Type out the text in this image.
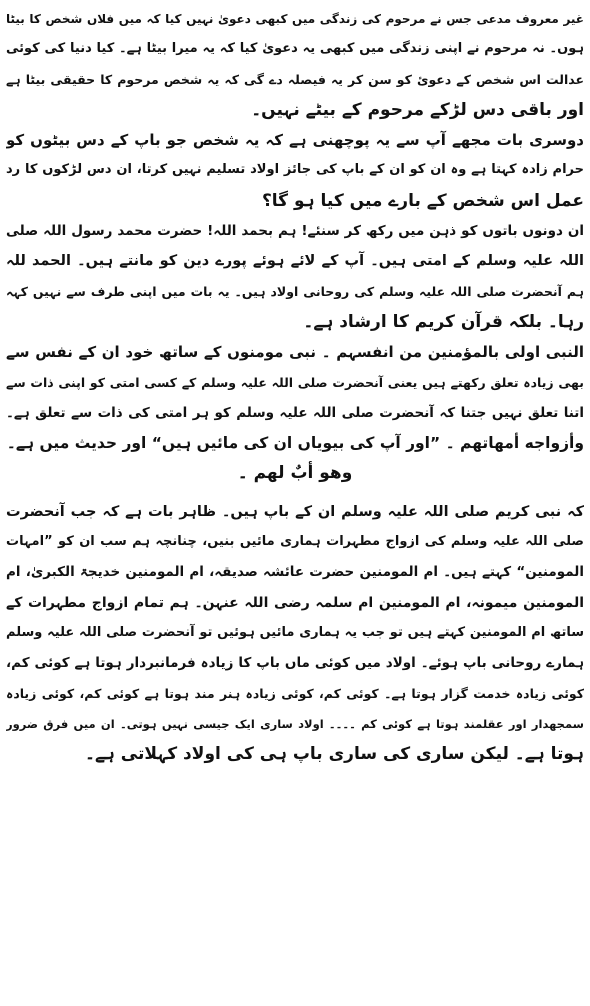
غیر معروف مدعی جس نے مرحوم کی زندگی میں کبھی دعویٰ نہیں کیا کہ میں فلاں شخص کا بیٹا
ہوں۔ نہ مرحوم نے اپنی زندگی میں کبھی یہ دعویٰ کیا کہ یہ میرا بیٹا ہے۔ کیا دنیا کی کوئی
عدالت اس شخص کے دعوئ کو سن کر یہ فیصلہ دے گی کہ یہ شخص مرحوم کا حقیقی بیٹا ہے
اور باقی دس لڑکے مرحوم کے بیٹے نہیں۔
دوسری بات مجھے آپ سے یہ پوچھنی ہے کہ یہ شخص جو باپ کے دس بیٹوں کو
حرام زادہ کہتا ہے وہ ان کو ان کے باپ کی جائز اولاد تسلیم نہیں کرتا، ان دس لڑکوں کا رد
عمل اس شخص کے بارے میں کیا ہو گا؟
ان دونوں باتوں کو ذہن میں رکھ کر سنئے! ہم بحمد اللہ! حضرت محمد رسول اللہ صلی
اللہ علیہ وسلم کے امتی ہیں۔ آپ کے لائے ہوئے پورے دین کو مانتے ہیں۔ الحمد للہ
ہم آنحضرت صلی اللہ علیہ وسلم کی روحانی اولاد ہیں۔ یہ بات میں اپنی طرف سے نہیں کہہ
رہا۔ بلکہ قرآن کریم کا ارشاد ہے۔
النبی اولی بالمؤمنین من انفسہم ۔ نبی مومنوں کے ساتھ خود ان کے نفس سے
بھی زیادہ تعلق رکھتے ہیں یعنی آنحضرت صلی اللہ علیہ وسلم کے کسی امتی کو اپنی ذات سے
اتنا تعلق نہیں جتنا کہ آنحضرت صلی اللہ علیہ وسلم کو ہر امتی کی ذات سے تعلق ہے۔
وأزواجه أمهاتهم ۔ ”اور آپ کی بیویاں ان کی مائیں ہیں“ اور حدیث میں ہے۔
وھو أبٌ لھم ۔
کہ نبی کریم صلی اللہ علیہ وسلم ان کے باپ ہیں۔ ظاہر بات ہے کہ جب آنحضرت
صلی اللہ علیہ وسلم کی ازواج مطہرات ہماری مائیں بنیں، چنانچہ ہم سب ان کو ”امہات
المومنین“ کہتے ہیں۔ ام المومنین حضرت عائشہ صدیقہ، ام المومنین خدیجۃ الکبریٰ، ام
المومنین میمونہ، ام المومنین ام سلمہ رضی اللہ عنہن۔ ہم تمام ازواج مطہرات کے
ساتھ ام المومنین کہتے ہیں تو جب یہ ہماری مائیں ہوئیں تو آنحضرت صلی اللہ علیہ وسلم
ہمارے روحانی باپ ہوئے۔ اولاد میں کوئی ماں باپ کا زیادہ فرمانبردار ہوتا ہے کوئی کم،
کوئی زیادہ خدمت گزار ہوتا ہے۔ کوئی کم، کوئی زیادہ ہنر مند ہوتا ہے کوئی کم، کوئی زیادہ
سمجھدار اور عقلمند ہوتا ہے کوئی کم ۔۔۔۔ اولاد ساری ایک جیسی نہیں ہوتی۔ ان میں فرق ضرور
ہوتا ہے۔ لیکن ساری کی ساری باپ ہی کی اولاد کہلاتی ہے۔
